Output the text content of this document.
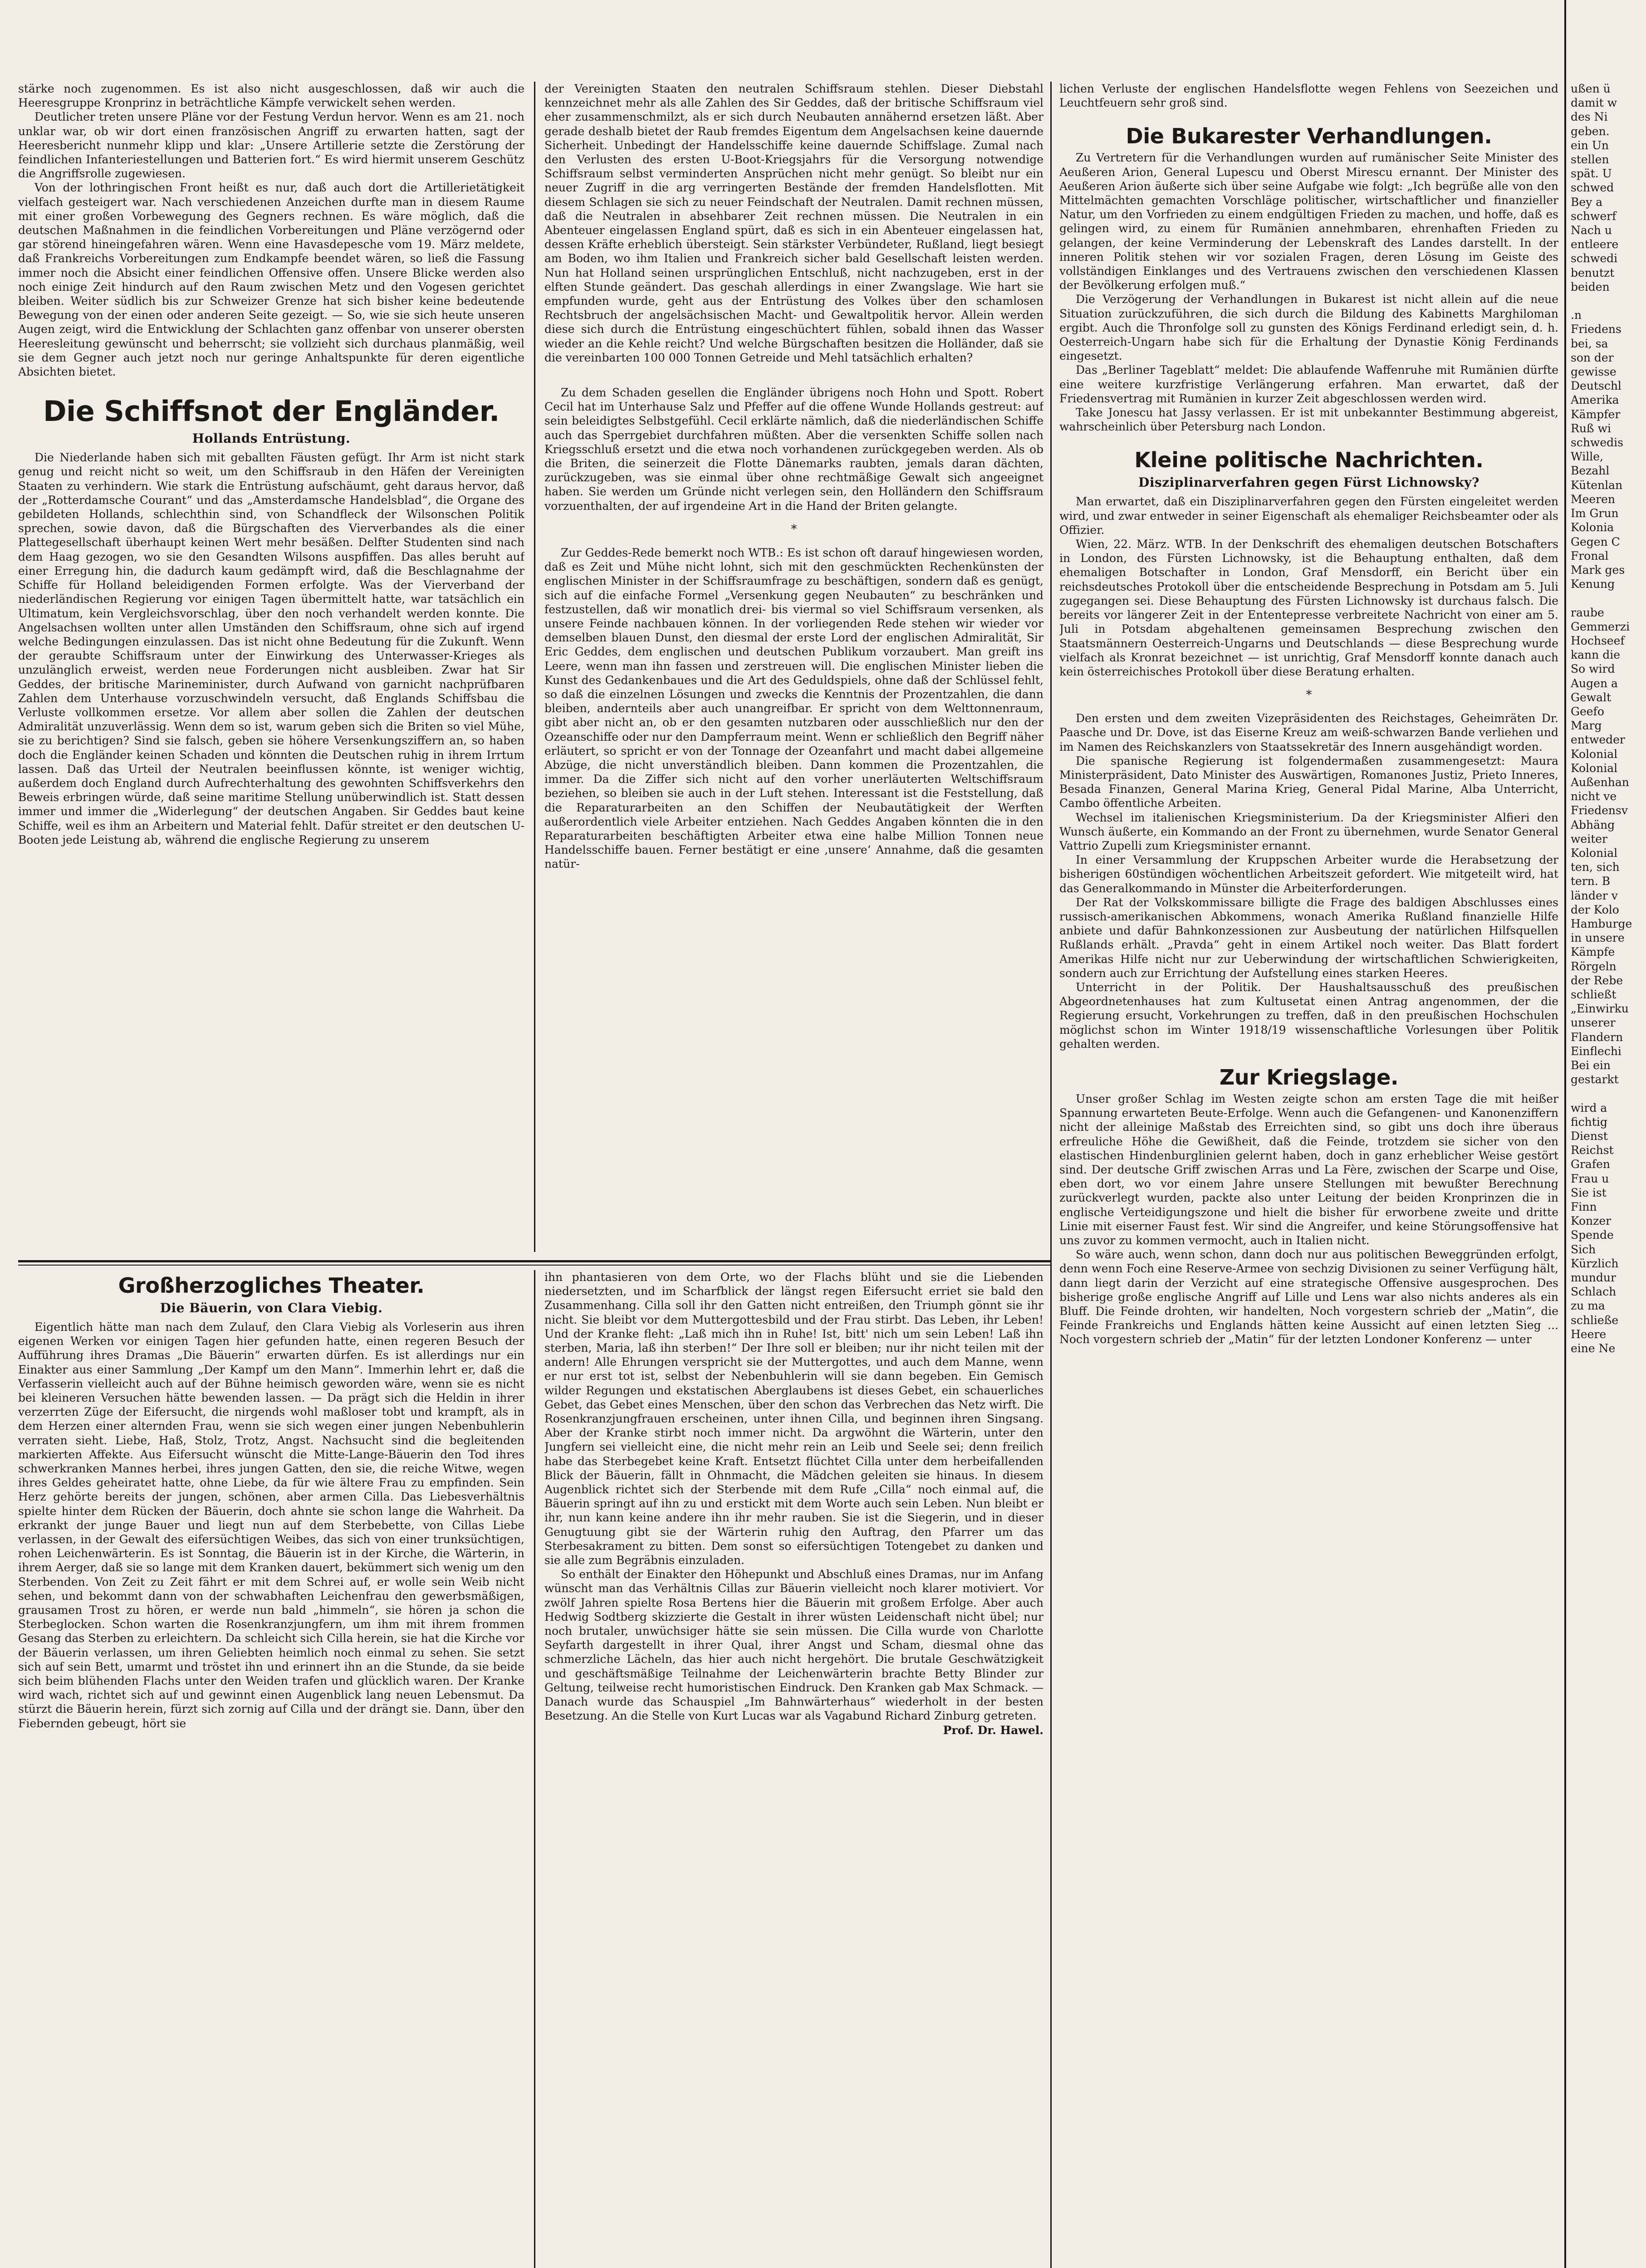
stärke noch zugenommen. Es ist also nicht ausgeschlossen, daß wir auch die Heeresgruppe Kronprinz in beträchtliche Kämpfe verwickelt sehen werden.

Deutlicher treten unsere Pläne vor der Festung Verdun hervor. Wenn es am 21. noch unklar war, ob wir dort einen französischen Angriff zu erwarten hatten, sagt der Heeresbericht nunmehr klipp und klar: „Unsere Artillerie setzte die Zerstörung der feindlichen Infanteriestellungen und Batterien fort.“ Es wird hiermit unserem Geschütz die Angriffsrolle zugewiesen.

Von der lothringischen Front heißt es nur, daß auch dort die Artillerietätigkeit vielfach gesteigert war. Nach verschiedenen Anzeichen durfte man in diesem Raume mit einer großen Vorbewegung des Gegners rechnen. Es wäre möglich, daß die deutschen Maßnahmen in die feindlichen Vorbereitungen und Pläne verzögernd oder gar störend hineingefahren wären. Wenn eine Havasdepesche vom 19. März meldete, daß Frankreichs Vorbereitungen zum Endkampfe beendet wären, so ließ die Fassung immer noch die Absicht einer feindlichen Offensive offen. Unsere Blicke werden also noch einige Zeit hindurch auf den Raum zwischen Metz und den Vogesen gerichtet bleiben. Weiter südlich bis zur Schweizer Grenze hat sich bisher keine bedeutende Bewegung von der einen oder anderen Seite gezeigt. — So, wie sie sich heute unseren Augen zeigt, wird die Entwicklung der Schlachten ganz offenbar von unserer obersten Heeresleitung gewünscht und beherrscht; sie vollzieht sich durchaus planmäßig, weil sie dem Gegner auch jetzt noch nur geringe Anhaltspunkte für deren eigentliche Absichten bietet.

Die Schiffsnot der Engländer.
Hollands Entrüstung.

Die Niederlande haben sich mit geballten Fäusten gefügt. Ihr Arm ist nicht stark genug und reicht nicht so weit, um den Schiffsraub in den Häfen der Vereinigten Staaten zu verhindern. Wie stark die Entrüstung aufschäumt, geht daraus hervor, daß der „Rotterdamsche Courant“ und das „Amsterdamsche Handelsblad“, die Organe des gebildeten Hollands, schlechthin sind, von Schandfleck der Wilsonschen Politik sprechen, sowie davon, daß die Bürgschaften des Vierverbandes als die einer Plattegesellschaft überhaupt keinen Wert mehr besäßen. Delfter Studenten sind nach dem Haag gezogen, wo sie den Gesandten Wilsons auspfiffen. Das alles beruht auf einer Erregung hin, die dadurch kaum gedämpft wird, daß die Beschlagnahme der Schiffe für Holland beleidigenden Formen erfolgte. Was der Vierverband der niederländischen Regierung vor einigen Tagen übermittelt hatte, war tatsächlich ein Ultimatum, kein Vergleichsvorschlag, über den noch verhandelt werden konnte. Die Angelsachsen wollten unter allen Umständen den Schiffsraum, ohne sich auf irgend welche Bedingungen einzulassen. Das ist nicht ohne Bedeutung für die Zukunft. Wenn der geraubte Schiffsraum unter der Einwirkung des Unterwasser-Krieges als unzulänglich erweist, werden neue Forderungen nicht ausbleiben. Zwar hat Sir Geddes, der britische Marineminister, durch Aufwand von garnicht nachprüfbaren Zahlen dem Unterhause vorzuschwindeln versucht, daß Englands Schiffsbau die Verluste vollkommen ersetze. Vor allem aber sollen die Zahlen der deutschen Admiralität unzuverlässig. Wenn dem so ist, warum geben sich die Briten so viel Mühe, sie zu berichtigen? Sind sie falsch, geben sie höhere Versenkungsziffern an, so haben doch die Engländer keinen Schaden und könnten die Deutschen ruhig in ihrem Irrtum lassen. Daß das Urteil der Neutralen beeinflussen könnte, ist weniger wichtig, außerdem doch England durch Aufrechterhaltung des gewohnten Schiffsverkehrs den Beweis erbringen würde, daß seine maritime Stellung unüberwindlich ist. Statt dessen immer und immer die „Widerlegung“ der deutschen Angaben. Sir Geddes baut keine Schiffe, weil es ihm an Arbeitern und Material fehlt. Dafür streitet er den deutschen U-Booten jede Leistung ab, während die englische Regierung zu unserem

der Vereinigten Staaten den neutralen Schiffsraum stehlen. Dieser Diebstahl kennzeichnet mehr als alle Zahlen des Sir Geddes, daß der britische Schiffsraum viel eher zusammenschmilzt, als er sich durch Neubauten annähernd ersetzen läßt. Aber gerade deshalb bietet der Raub fremdes Eigentum dem Angelsachsen keine dauernde Sicherheit. Unbedingt der Handelsschiffe keine dauernde Schiffslage. Zumal nach den Verlusten des ersten U-Boot-Kriegsjahrs für die Versorgung notwendige Schiffsraum selbst verminderten Ansprüchen nicht mehr genügt. So bleibt nur ein neuer Zugriff in die arg verringerten Bestände der fremden Handelsflotten. Mit diesem Schlagen sie sich zu neuer Feindschaft der Neutralen. Damit rechnen müssen, daß die Neutralen in absehbarer Zeit rechnen müssen. Die Neutralen in ein Abenteuer eingelassen England spürt, daß es sich in ein Abenteuer eingelassen hat, dessen Kräfte erheblich übersteigt. Sein stärkster Verbündeter, Rußland, liegt besiegt am Boden, wo ihm Italien und Frankreich sicher bald Gesellschaft leisten werden. Nun hat Holland seinen ursprünglichen Entschluß, nicht nachzugeben, erst in der elften Stunde geändert. Das geschah allerdings in einer Zwangslage. Wie hart sie empfunden wurde, geht aus der Entrüstung des Volkes über den schamlosen Rechtsbruch der angelsächsischen Macht- und Gewaltpolitik hervor. Allein werden diese sich durch die Entrüstung eingeschüchtert fühlen, sobald ihnen das Wasser wieder an die Kehle reicht? Und welche Bürgschaften besitzen die Holländer, daß sie die vereinbarten 100 000 Tonnen Getreide und Mehl tatsächlich erhalten?

Zu dem Schaden gesellen die Engländer übrigens noch Hohn und Spott. Robert Cecil hat im Unterhause Salz und Pfeffer auf die offene Wunde Hollands gestreut: auf sein beleidigtes Selbstgefühl. Cecil erklärte nämlich, daß die niederländischen Schiffe auch das Sperrgebiet durchfahren müßten. Aber die versenkten Schiffe sollen nach Kriegsschluß ersetzt und die etwa noch vorhandenen zurückgegeben werden. Als ob die Briten, die seinerzeit die Flotte Dänemarks raubten, jemals daran dächten, zurückzugeben, was sie einmal über ohne rechtmäßige Gewalt sich angeeignet haben. Sie werden um Gründe nicht verlegen sein, den Holländern den Schiffsraum vorzuenthalten, der auf irgendeine Art in die Hand der Briten gelangte.

*

Zur Geddes-Rede bemerkt noch WTB.: Es ist schon oft darauf hingewiesen worden, daß es Zeit und Mühe nicht lohnt, sich mit den geschmückten Rechenkünsten der englischen Minister in der Schiffsraumfrage zu beschäftigen, sondern daß es genügt, sich auf die einfache Formel „Versenkung gegen Neubauten“ zu beschränken und festzustellen, daß wir monatlich drei- bis viermal so viel Schiffsraum versenken, als unsere Feinde nachbauen können. In der vorliegenden Rede stehen wir wieder vor demselben blauen Dunst, den diesmal der erste Lord der englischen Admiralität, Sir Eric Geddes, dem englischen und deutschen Publikum vorzaubert. Man greift ins Leere, wenn man ihn fassen und zerstreuen will. Die englischen Minister lieben die Kunst des Gedankenbaues und die Art des Geduldspiels, ohne daß der Schlüssel fehlt, so daß die einzelnen Lösungen und zwecks die Kenntnis der Prozentzahlen, die dann bleiben, andernteils aber auch unangreifbar. Er spricht von dem Welttonnenraum, gibt aber nicht an, ob er den gesamten nutzbaren oder ausschließlich nur den der Ozeanschiffe oder nur den Dampferraum meint. Wenn er schließlich den Begriff näher erläutert, so spricht er von der Tonnage der Ozeanfahrt und macht dabei allgemeine Abzüge, die nicht unverständlich bleiben. Dann kommen die Prozentzahlen, die immer. Da die Ziffer sich nicht auf den vorher unerläuterten Weltschiffsraum beziehen, so bleiben sie auch in der Luft stehen. Interessant ist die Feststellung, daß die Reparaturarbeiten an den Schiffen der Neubautätigkeit der Werften außerordentlich viele Arbeiter entziehen. Nach Geddes Angaben könnten die in den Reparaturarbeiten beschäftigten Arbeiter etwa eine halbe Million Tonnen neue Handelsschiffe bauen. Ferner bestätigt er eine ‚unsere‘ Annahme, daß die gesamten natür-

lichen Verluste der englischen Handelsflotte wegen Fehlens von Seezeichen und Leuchtfeuern sehr groß sind.

Die Bukarester Verhandlungen.

Zu Vertretern für die Verhandlungen wurden auf rumänischer Seite Minister des Aeußeren Arion, General Lupescu und Oberst Mirescu ernannt. Der Minister des Aeußeren Arion äußerte sich über seine Aufgabe wie folgt: „Ich begrüße alle von den Mittelmächten gemachten Vorschläge politischer, wirtschaftlicher und finanzieller Natur, um den Vorfrieden zu einem endgültigen Frieden zu machen, und hoffe, daß es gelingen wird, zu einem für Rumänien annehmbaren, ehrenhaften Frieden zu gelangen, der keine Verminderung der Lebenskraft des Landes darstellt. In der inneren Politik stehen wir vor sozialen Fragen, deren Lösung im Geiste des vollständigen Einklanges und des Vertrauens zwischen den verschiedenen Klassen der Bevölkerung erfolgen muß.“

Die Verzögerung der Verhandlungen in Bukarest ist nicht allein auf die neue Situation zurückzuführen, die sich durch die Bildung des Kabinetts Marghiloman ergibt. Auch die Thronfolge soll zu gunsten des Königs Ferdinand erledigt sein, d. h. Oesterreich-Ungarn habe sich für die Erhaltung der Dynastie König Ferdinands eingesetzt.

Das „Berliner Tageblatt“ meldet: Die ablaufende Waffenruhe mit Rumänien dürfte eine weitere kurzfristige Verlängerung erfahren. Man erwartet, daß der Friedensvertrag mit Rumänien in kurzer Zeit abgeschlossen werden wird.

Take Jonescu hat Jassy verlassen. Er ist mit unbekannter Bestimmung abgereist, wahrscheinlich über Petersburg nach London.

Kleine politische Nachrichten.
Disziplinarverfahren gegen Fürst Lichnowsky?

Man erwartet, daß ein Disziplinarverfahren gegen den Fürsten eingeleitet werden wird, und zwar entweder in seiner Eigenschaft als ehemaliger Reichsbeamter oder als Offizier.

Wien, 22. März. WTB. In der Denkschrift des ehemaligen deutschen Botschafters in London, des Fürsten Lichnowsky, ist die Behauptung enthalten, daß dem ehemaligen Botschafter in London, Graf Mensdorff, ein Bericht über ein reichsdeutsches Protokoll über die entscheidende Besprechung in Potsdam am 5. Juli zugegangen sei. Diese Behauptung des Fürsten Lichnowsky ist durchaus falsch. Die bereits vor längerer Zeit in der Ententepresse verbreitete Nachricht von einer am 5. Juli in Potsdam abgehaltenen gemeinsamen Besprechung zwischen den Staatsmännern Oesterreich-Ungarns und Deutschlands — diese Besprechung wurde vielfach als Kronrat bezeichnet — ist unrichtig, Graf Mensdorff konnte danach auch kein österreichisches Protokoll über diese Beratung erhalten.

*

Den ersten und dem zweiten Vizepräsidenten des Reichstages, Geheimräten Dr. Paasche und Dr. Dove, ist das Eiserne Kreuz am weiß-schwarzen Bande verliehen und im Namen des Reichskanzlers von Staatssekretär des Innern ausgehändigt worden.

Die spanische Regierung ist folgendermaßen zusammengesetzt: Maura Ministerpräsident, Dato Minister des Auswärtigen, Romanones Justiz, Prieto Inneres, Besada Finanzen, General Marina Krieg, General Pidal Marine, Alba Unterricht, Cambo öffentliche Arbeiten.

Wechsel im italienischen Kriegsministerium. Da der Kriegsminister Alfieri den Wunsch äußerte, ein Kommando an der Front zu übernehmen, wurde Senator General Vattrio Zupelli zum Kriegsminister ernannt.

In einer Versammlung der Kruppschen Arbeiter wurde die Herabsetzung der bisherigen 60stündigen wöchentlichen Arbeitszeit gefordert. Wie mitgeteilt wird, hat das Generalkommando in Münster die Arbeiterforderungen.

Der Rat der Volkskommissare billigte die Frage des baldigen Abschlusses eines russisch-amerikanischen Abkommens, wonach Amerika Rußland finanzielle Hilfe anbiete und dafür Bahnkonzessionen zur Ausbeutung der natürlichen Hilfsquellen Rußlands erhält. „Pravda“ geht in einem Artikel noch weiter. Das Blatt fordert Amerikas Hilfe nicht nur zur Ueberwindung der wirtschaftlichen Schwierigkeiten, sondern auch zur Errichtung der Aufstellung eines starken Heeres.

Unterricht in der Politik. Der Haushaltsausschuß des preußischen Abgeordnetenhauses hat zum Kultusetat einen Antrag angenommen, der die Regierung ersucht, Vorkehrungen zu treffen, daß in den preußischen Hochschulen möglichst schon im Winter 1918/19 wissenschaftliche Vorlesungen über Politik gehalten werden.

Zur Kriegslage.

Unser großer Schlag im Westen zeigte schon am ersten Tage die mit heißer Spannung erwarteten Beute-Erfolge. Wenn auch die Gefangenen- und Kanonenziffern nicht der alleinige Maßstab des Erreichten sind, so gibt uns doch ihre überaus erfreuliche Höhe die Gewißheit, daß die Feinde, trotzdem sie sicher von den elastischen Hindenburglinien gelernt haben, doch in ganz erheblicher Weise gestört sind. Der deutsche Griff zwischen Arras und La Fère, zwischen der Scarpe und Oise, eben dort, wo vor einem Jahre unsere Stellungen mit bewußter Berechnung zurückverlegt wurden, packte also unter Leitung der beiden Kronprinzen die in englische Verteidigungszone und hielt die bisher für erworbene zweite und dritte Linie mit eiserner Faust fest. Wir sind die Angreifer, und keine Störungsoffensive hat uns zuvor zu kommen vermocht, auch in Italien nicht.

So wäre auch, wenn schon, dann doch nur aus politischen Beweggründen erfolgt, denn wenn Foch eine Reserve-Armee von sechzig Divisionen zu seiner Verfügung hält, dann liegt darin der Verzicht auf eine strategische Offensive ausgesprochen. Des bisherige große englische Angriff auf Lille und Lens war also nichts anderes als ein Bluff. Die Feinde drohten, wir handelten, Noch vorgestern schrieb der „Matin“, die Feinde Frankreichs und Englands hätten keine Aussicht auf einen letzten Sieg ... Noch vorgestern schrieb der „Matin“ für der letzten Londoner Konferenz — unter

Großherzogliches Theater.
Die Bäuerin, von Clara Viebig.

Eigentlich hätte man nach dem Zulauf, den Clara Viebig als Vorleserin aus ihren eigenen Werken vor einigen Tagen hier gefunden hatte, einen regeren Besuch der Aufführung ihres Dramas „Die Bäuerin“ erwarten dürfen. Es ist allerdings nur ein Einakter aus einer Sammlung „Der Kampf um den Mann“. Immerhin lehrt er, daß die Verfasserin vielleicht auch auf der Bühne heimisch geworden wäre, wenn sie es nicht bei kleineren Versuchen hätte bewenden lassen. — Da prägt sich die Heldin in ihrer verzerrten Züge der Eifersucht, die nirgends wohl maßloser tobt und krampft, als in dem Herzen einer alternden Frau, wenn sie sich wegen einer jungen Nebenbuhlerin verraten sieht. Liebe, Haß, Stolz, Trotz, Angst. Nachsucht sind die begleitenden markierten Affekte. Aus Eifersucht wünscht die Mitte-Lange-Bäuerin den Tod ihres schwerkranken Mannes herbei, ihres jungen Gatten, den sie, die reiche Witwe, wegen ihres Geldes geheiratet hatte, ohne Liebe, da für wie ältere Frau zu empfinden. Sein Herz gehörte bereits der jungen, schönen, aber armen Cilla. Das Liebesverhältnis spielte hinter dem Rücken der Bäuerin, doch ahnte sie schon lange die Wahrheit. Da erkrankt der junge Bauer und liegt nun auf dem Sterbebette, von Cillas Liebe verlassen, in der Gewalt des eifersüchtigen Weibes, das sich von einer trunksüchtigen, rohen Leichenwärterin. Es ist Sonntag, die Bäuerin ist in der Kirche, die Wärterin, in ihrem Aerger, daß sie so lange mit dem Kranken dauert, bekümmert sich wenig um den Sterbenden. Von Zeit zu Zeit fährt er mit dem Schrei auf, er wolle sein Weib nicht sehen, und bekommt dann von der schwabhaften Leichenfrau den gewerbsmäßigen, grausamen Trost zu hören, er werde nun bald „himmeln“, sie hören ja schon die Sterbeglocken. Schon warten die Rosenkranzjungfern, um ihm mit ihrem frommen Gesang das Sterben zu erleichtern. Da schleicht sich Cilla herein, sie hat die Kirche vor der Bäuerin verlassen, um ihren Geliebten heimlich noch einmal zu sehen. Sie setzt sich auf sein Bett, umarmt und tröstet ihn und erinnert ihn an die Stunde, da sie beide sich beim blühenden Flachs unter den Weiden trafen und glücklich waren. Der Kranke wird wach, richtet sich auf und gewinnt einen Augenblick lang neuen Lebensmut. Da stürzt die Bäuerin herein, fürzt sich zornig auf Cilla und der drängt sie. Dann, über den Fiebernden gebeugt, hört sie

ihn phantasieren von dem Orte, wo der Flachs blüht und sie die Liebenden niedersetzten, und im Scharfblick der längst regen Eifersucht erriet sie bald den Zusammenhang. Cilla soll ihr den Gatten nicht entreißen, den Triumph gönnt sie ihr nicht. Sie bleibt vor dem Muttergottesbild und der Frau stirbt. Das Leben, ihr Leben! Und der Kranke fleht: „Laß mich ihn in Ruhe! Ist, bitt' nich um sein Leben! Laß ihn sterben, Maria, laß ihn sterben!“ Der Ihre soll er bleiben; nur ihr nicht teilen mit der andern! Alle Ehrungen verspricht sie der Muttergottes, und auch dem Manne, wenn er nur erst tot ist, selbst der Nebenbuhlerin will sie dann begeben. Ein Gemisch wilder Regungen und ekstatischen Aberglaubens ist dieses Gebet, ein schauerliches Gebet, das Gebet eines Menschen, über den schon das Verbrechen das Netz wirft. Die Rosenkranzjungfrauen erscheinen, unter ihnen Cilla, und beginnen ihren Singsang. Aber der Kranke stirbt noch immer nicht. Da argwöhnt die Wärterin, unter den Jungfern sei vielleicht eine, die nicht mehr rein an Leib und Seele sei; denn freilich habe das Sterbegebet keine Kraft. Entsetzt flüchtet Cilla unter dem herbeifallenden Blick der Bäuerin, fällt in Ohnmacht, die Mädchen geleiten sie hinaus. In diesem Augenblick richtet sich der Sterbende mit dem Rufe „Cilla“ noch einmal auf, die Bäuerin springt auf ihn zu und erstickt mit dem Worte auch sein Leben. Nun bleibt er ihr, nun kann keine andere ihn ihr mehr rauben. Sie ist die Siegerin, und in dieser Genugtuung gibt sie der Wärterin ruhig den Auftrag, den Pfarrer um das Sterbesakrament zu bitten. Dem sonst so eifersüchtigen Totengebet zu danken und sie alle zum Begräbnis einzuladen.

So enthält der Einakter den Höhepunkt und Abschluß eines Dramas, nur im Anfang wünscht man das Verhältnis Cillas zur Bäuerin vielleicht noch klarer motiviert. Vor zwölf Jahren spielte Rosa Bertens hier die Bäuerin mit großem Erfolge. Aber auch Hedwig Sodtberg skizzierte die Gestalt in ihrer wüsten Leidenschaft nicht übel; nur noch brutaler, unwüchsiger hätte sie sein müssen. Die Cilla wurde von Charlotte Seyfarth dargestellt in ihrer Qual, ihrer Angst und Scham, diesmal ohne das schmerzliche Lächeln, das hier auch nicht hergehört. Die brutale Geschwätzigkeit und geschäftsmäßige Teilnahme der Leichenwärterin brachte Betty Blinder zur Geltung, teilweise recht humoristischen Eindruck. Den Kranken gab Max Schmack. — Danach wurde das Schauspiel „Im Bahnwärterhaus“ wiederholt in der besten Besetzung. An die Stelle von Kurt Lucas war als Vagabund Richard Zinburg getreten.

Prof. Dr. Hawel.

ußen ü
damit w
des Ni
geben.
ein Un
stellen
spät. U
schwed
Bey a
schwerf
Nach u
entleere
schwedi
benutzt
beiden

.n
Friedens
bei, sa
son der
gewisse
Deutschl
Amerika
Kämpfer
Ruß wi
schwedis
Wille,
Bezahl
Kütenlan
Meeren
Im Grun
Kolonia
Gegen C
Fronal
Mark ges
Kenung

raube
Gemmerzi
Hochseef
kann die
So wird
Augen a
Gewalt
Geefo
Marg
entweder
Kolonial
Kolonial
Außenhan
nicht ve
Friedensv
Abhäng
weiter
Kolonial
ten, sich
tern. B
länder v
der Kolo
Hamburge
in unsere
Kämpfe
Rörgeln
der Rebe
schließt
„Einwirku
unserer
Flandern
Einflechi
Bei ein
gestarkt

wird a
fichtig
Dienst
Reichst
Grafen
Frau u
Sie ist
Finn
Konzer
Spende
Sich
Kürzlich
mundur
Schlach
zu ma
schließe
Heere
eine Ne
